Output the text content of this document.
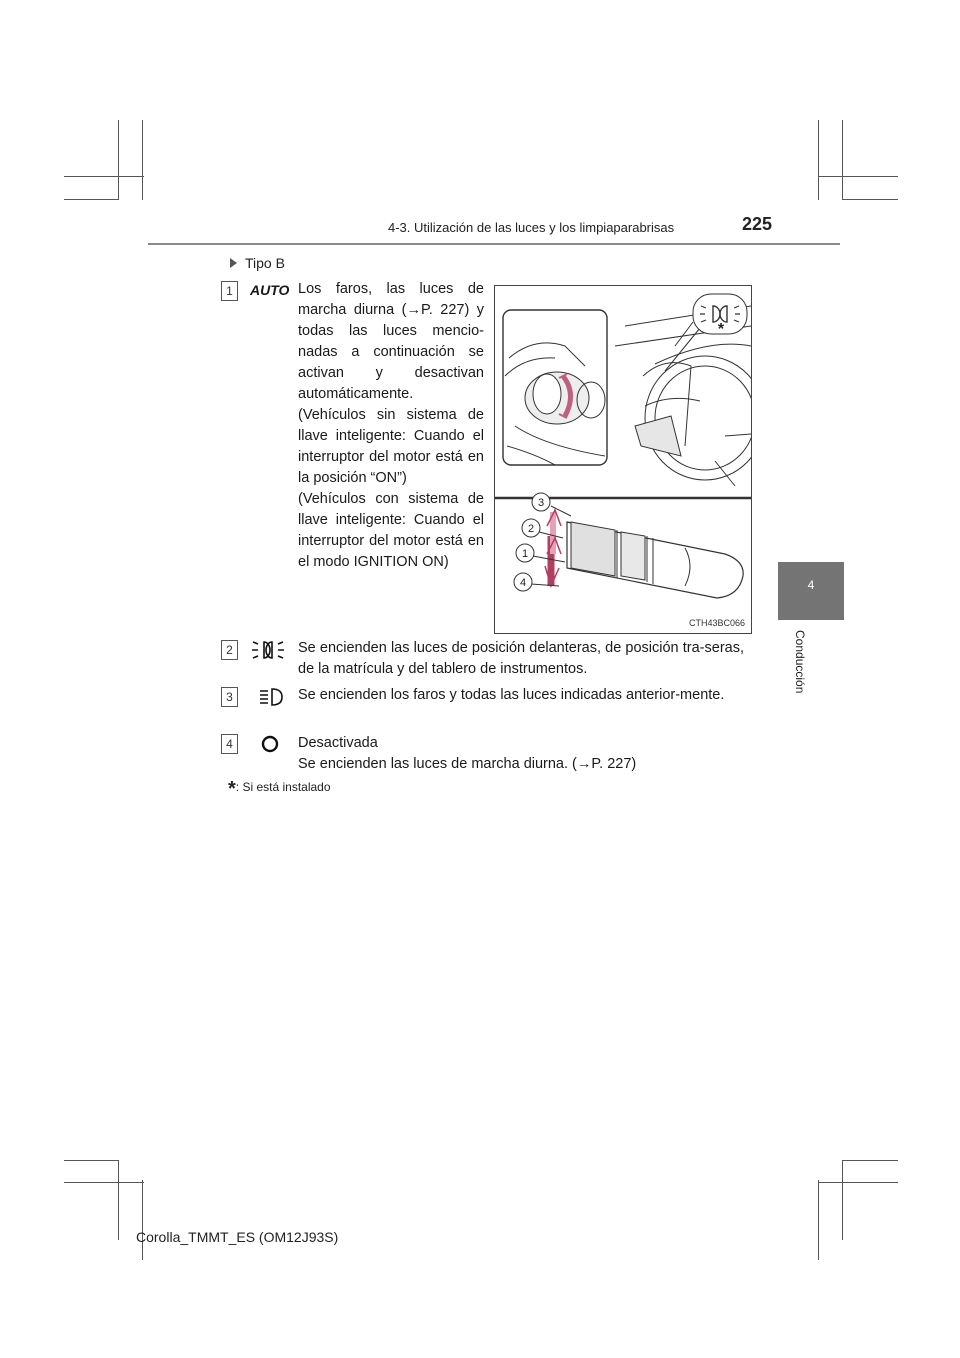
4-3. Utilización de las luces y los limpiaparabrisas	225
4
Conducción
Tipo B
1	AUTO Los faros, las luces de marcha diurna (→P. 227) y todas las luces mencio-nadas a continuación se activan y desactivan automáticamente.

(Vehículos sin sistema de llave inteligente: Cuando el interruptor del motor está en la posición “ON”)

(Vehículos con sistema de llave inteligente: Cuando el interruptor del motor está en el modo IGNITION ON)

3
2
1
4
*
CTH43BC066
2	Se encienden las luces de posición delanteras, de posición tra-seras, de la matrícula y del tablero de instrumentos.

3	Se encienden los faros y todas las luces indicadas anterior-mente.

4	Desactivada

Se encienden las luces de marcha diurna. (→P. 227)

*: Si está instalado
Corolla_TMMT_ES (OM12J93S)
